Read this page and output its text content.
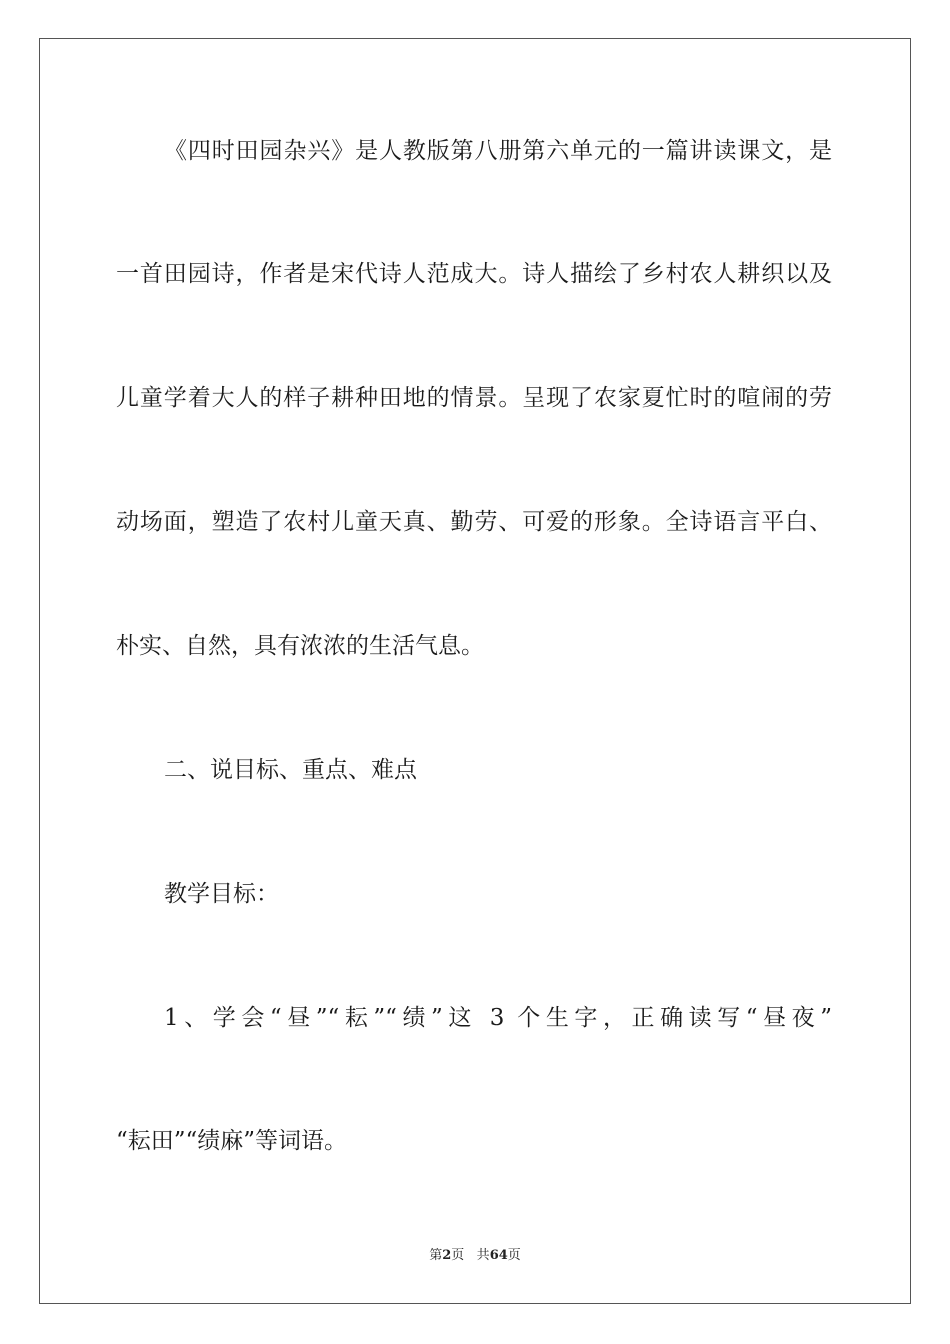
《四时田园杂兴》是人教版第八册第六单元的一篇讲读课文，是
一首田园诗，作者是宋代诗人范成大。诗人描绘了乡村农人耕织以及
儿童学着大人的样子耕种田地的情景。呈现了农家夏忙时的喧闹的劳
动场面，塑造了农村儿童天真、勤劳、可爱的形象。全诗语言平白、
朴实、自然，具有浓浓的生活气息。
二、说目标、重点、难点
教学目标：
1、学会“昼”“耘”“绩”这 3 个生字，正确读写“昼夜”
“耘田”“绩麻”等词语。
第2页 共64页
